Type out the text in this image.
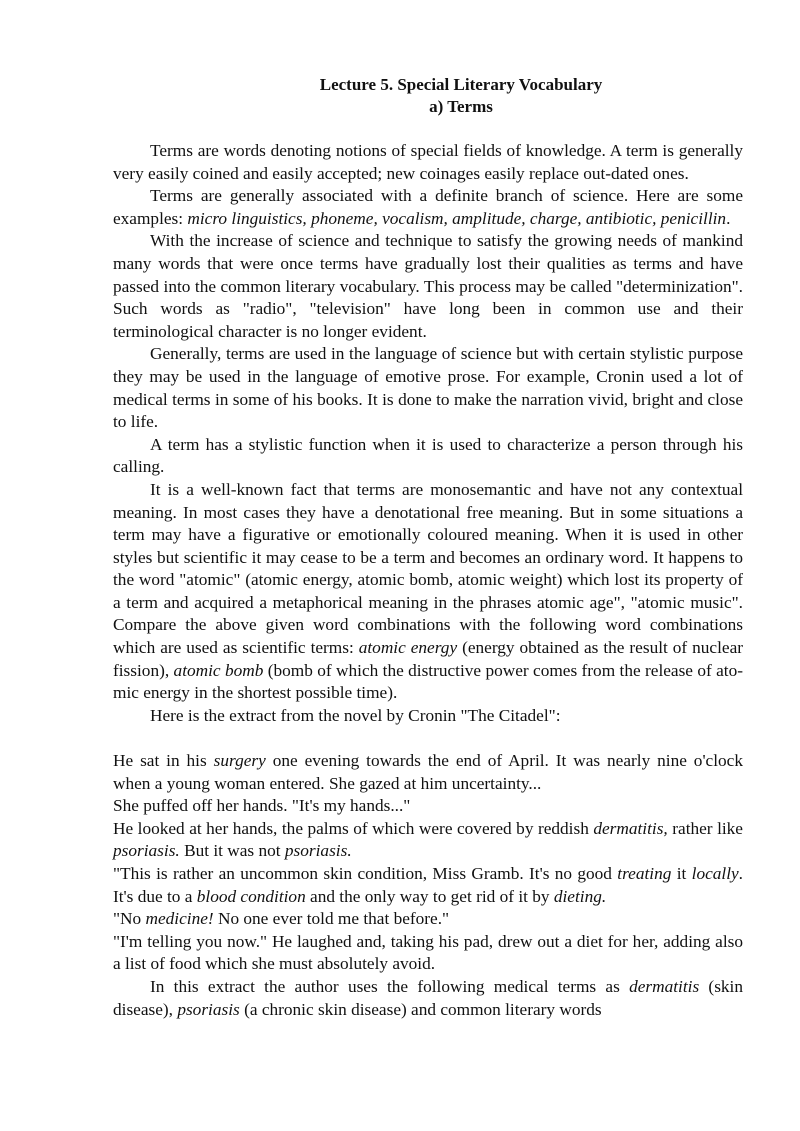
Lecture 5. Special Literary Vocabulary
a) Terms

Terms are words denoting notions of special fields of knowledge. A term is generally very easily coined and easily accepted; new coinages easily replace out-dated ones.

Terms are generally associated with a definite branch of science. Here are some examples: micro linguistics, phoneme, vocalism, amplitude, charge, antibiotic, penicillin.

With the increase of science and technique to satisfy the growing needs of mankind many words that were once terms have gradually lost their qualities as terms and have passed into the common literary vocabulary. This process may be called "determinization". Such words as "radio", "television" have long been in common use and their terminological character is no longer evident.

Generally, terms are used in the language of science but with certain stylistic purpose they may be used in the language of emotive prose. For example, Cronin used a lot of medical terms in some of his books. It is done to make the narration vivid, bright and close to life.

A term has a stylistic function when it is used to characterize a person through his calling.

It is a well-known fact that terms are monosemantic and have not any contextual meaning. In most cases they have a denotational free meaning. But in some situations a term may have a figurative or emotionally coloured meaning. When it is used in other styles but scientific it may cease to be a term and becomes an ordinary word. It happens to the word "atomic" (atomic energy, atomic bomb, atomic weight) which lost its property of a term and acquired a metaphorical meaning in the phrases atomic age", "atomic music". Compare the above given word combinations with the following word combinations which are used as scientific terms: atomic energy (energy obtained as the result of nuclear fission), atomic bomb (bomb of which the distructive power comes from the release of ato-mic energy in the shortest possible time).

Here is the extract from the novel by Cronin "The Citadel":

He sat in his surgery one evening towards the end of April. It was nearly nine o'clock when a young woman entered. She gazed at him uncertainty...

She puffed off her hands. "It's my hands..."

He looked at her hands, the palms of which were covered by reddish dermatitis, rather like psoriasis. But it was not psoriasis.

"This is rather an uncommon skin condition, Miss Gramb. It's no good treating it locally. It's due to a blood condition and the only way to get rid of it by dieting.

"No medicine! No one ever told me that before."

"I'm telling you now." He laughed and, taking his pad, drew out a diet for her, adding also a list of food which she must absolutely avoid.

In this extract the author uses the following medical terms as dermatitis (skin disease), psoriasis (a chronic skin disease) and common literary words
